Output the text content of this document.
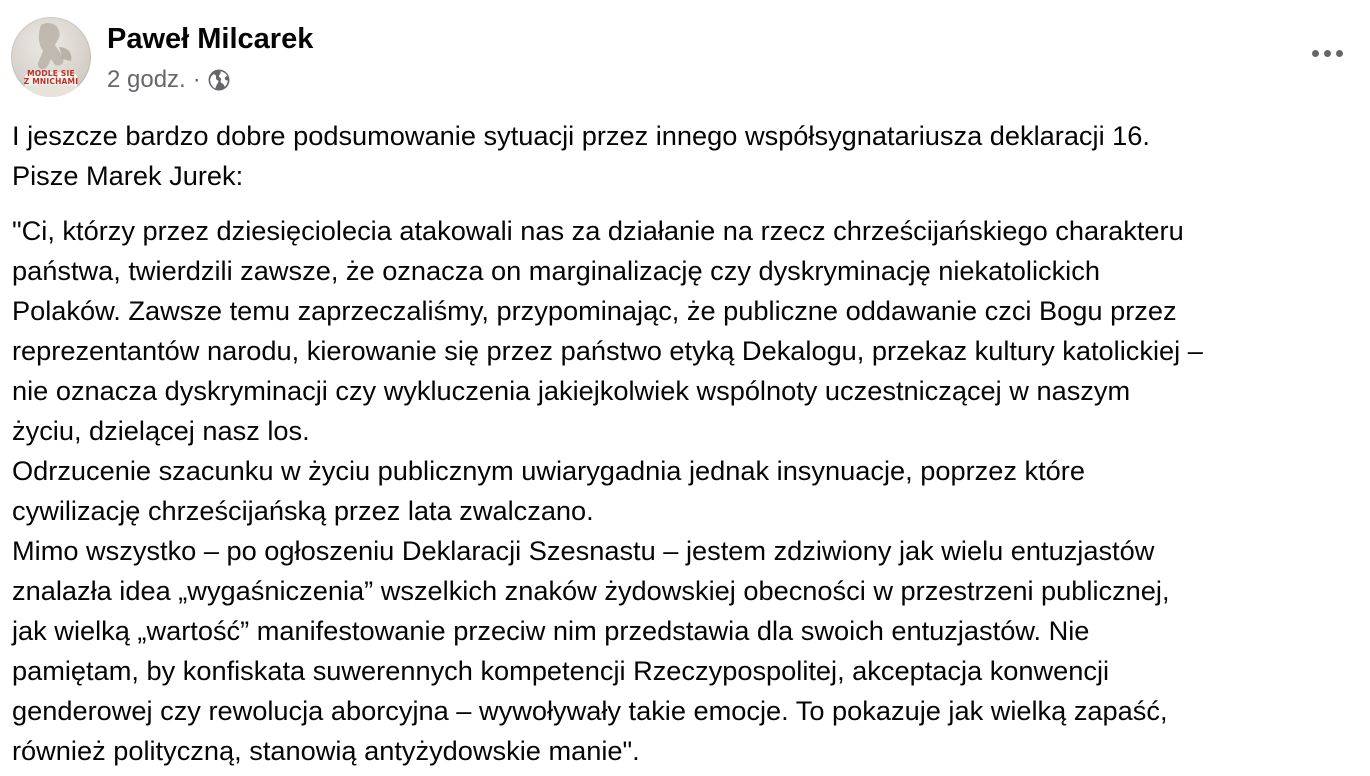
MODLĘ SIĘ
Z MNICHAMI
Paweł Milcarek
2 godz. ·

I jeszcze bardzo dobre podsumowanie sytuacji przez innego współsygnatariusza deklaracji 16.
Pisze Marek Jurek:

"Ci, którzy przez dziesięciolecia atakowali nas za działanie na rzecz chrześcijańskiego charakteru
państwa, twierdzili zawsze, że oznacza on marginalizację czy dyskryminację niekatolickich
Polaków. Zawsze temu zaprzeczaliśmy, przypominając, że publiczne oddawanie czci Bogu przez
reprezentantów narodu, kierowanie się przez państwo etyką Dekalogu, przekaz kultury katolickiej –
nie oznacza dyskryminacji czy wykluczenia jakiejkolwiek wspólnoty uczestniczącej w naszym
życiu, dzielącej nasz los.
Odrzucenie szacunku w życiu publicznym uwiarygadnia jednak insynuacje, poprzez które
cywilizację chrześcijańską przez lata zwalczano.
Mimo wszystko – po ogłoszeniu Deklaracji Szesnastu – jestem zdziwiony jak wielu entuzjastów
znalazła idea „wygaśniczenia” wszelkich znaków żydowskiej obecności w przestrzeni publicznej,
jak wielką „wartość” manifestowanie przeciw nim przedstawia dla swoich entuzjastów. Nie
pamiętam, by konfiskata suwerennych kompetencji Rzeczypospolitej, akceptacja konwencji
genderowej czy rewolucja aborcyjna – wywoływały takie emocje. To pokazuje jak wielką zapaść,
również polityczną, stanowią antyżydowskie manie".
